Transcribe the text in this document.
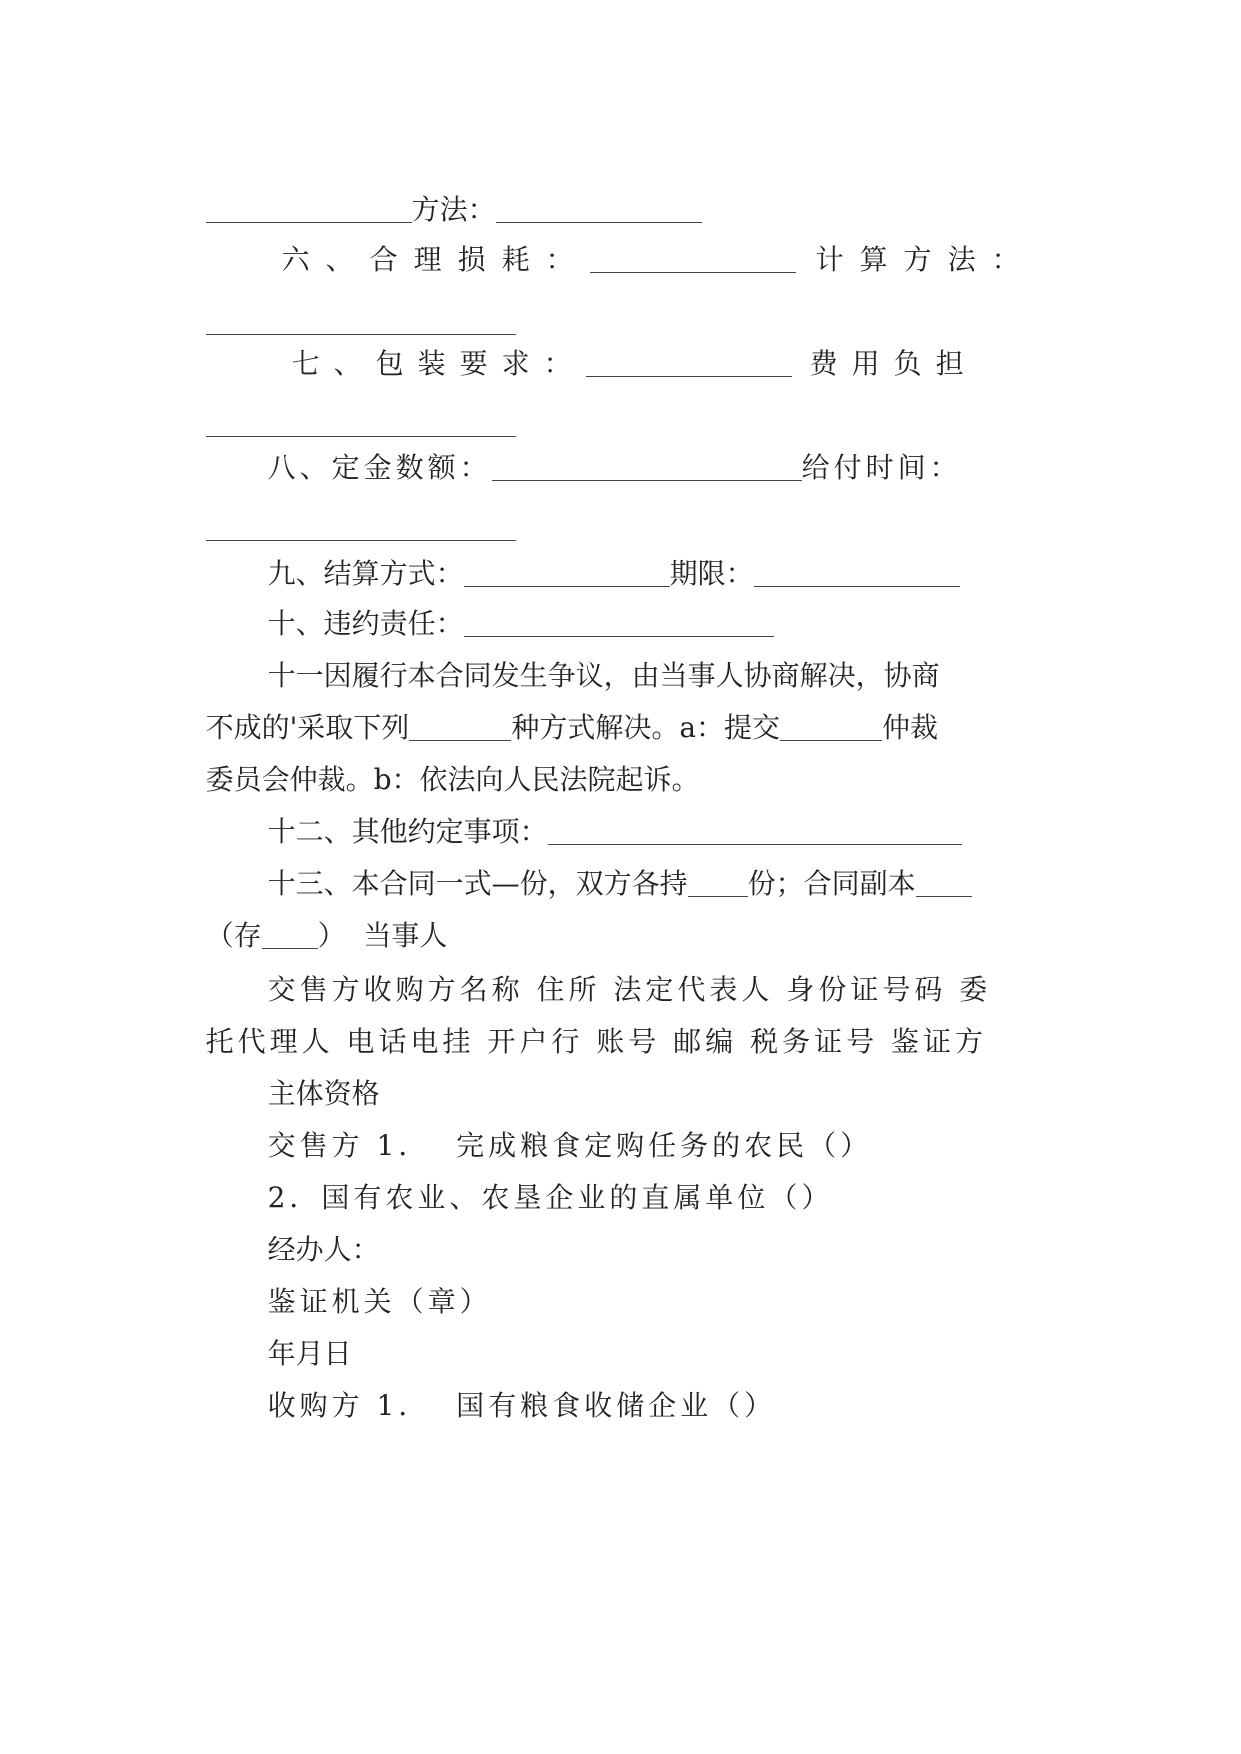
方法：

六、合理损耗：	计算方法：

七、包装要求：	费用负担

八、定金数额：	给付时间：

九、结算方式：	期限：

十、违约责任：

十一因履行本合同发生争议，由当事人协商解决，协商

不成的'采取下列	种方式解决。a：提交	仲裁

委员会仲裁。b：依法向人民法院起诉。

十二、其他约定事项：

十三、本合同一式—份，双方各持 份；合同副本

（存 ）  当事人

交售方收购方名称 住所 法定代表人 身份证号码 委

托代理人 电话电挂 开户行 账号 邮编 税务证号 鉴证方

主体资格

交售方 1．  完成粮食定购任务的农民（）

2．国有农业、农垦企业的直属单位（）

经办人：

鉴证机关（章）

年月日

收购方 1．  国有粮食收储企业（）
